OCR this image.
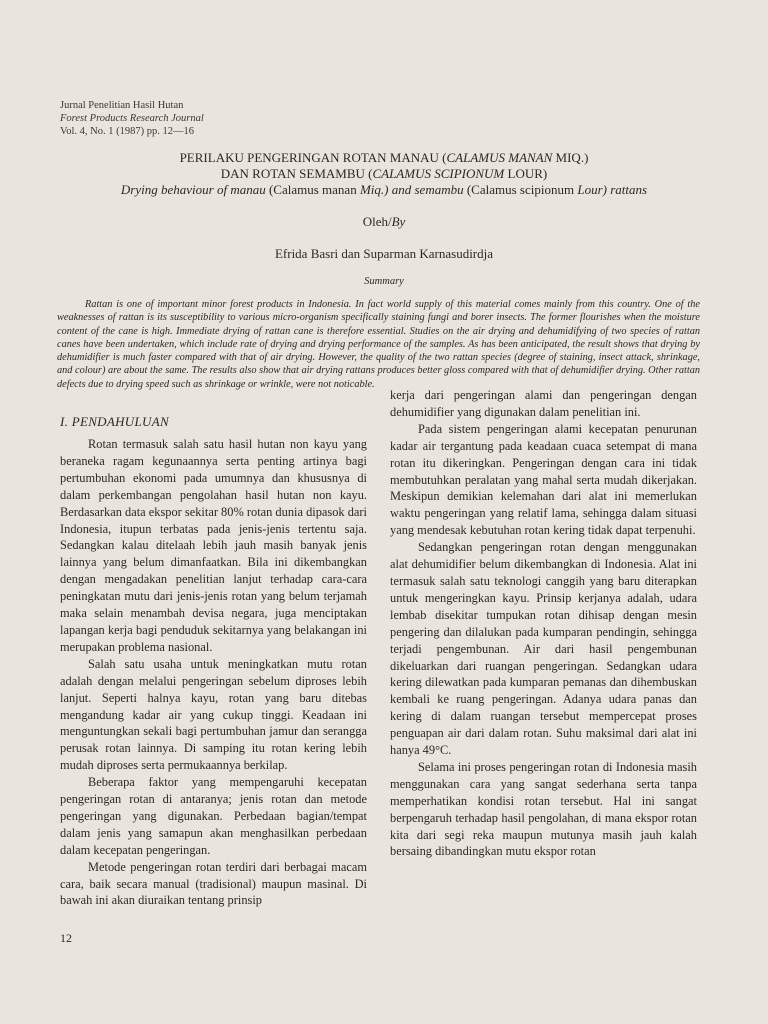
Jurnal Penelitian Hasil Hutan
Forest Products Research Journal
Vol. 4, No. 1 (1987) pp. 12—16
PERILAKU PENGERINGAN ROTAN MANAU (CALAMUS MANAN MIQ.)
DAN ROTAN SEMAMBU (CALAMUS SCIPIONUM LOUR)
Drying behaviour of manau (Calamus manan Miq.) and semambu (Calamus scipionum Lour) rattans
Oleh/By
Efrida Basri dan Suparman Karnasudirdja
Summary

Rattan is one of important minor forest products in Indonesia. In fact world supply of this material comes mainly from this country. One of the weaknesses of rattan is its susceptibility to various micro-organism specifically staining fungi and borer insects. The former flourishes when the moisture content of the cane is high. Immediate drying of rattan cane is therefore essential. Studies on the air drying and dehumidifying of two species of rattan canes have been undertaken, which include rate of drying and drying performance of the samples. As has been anticipated, the result shows that drying by dehumidifier is much faster compared with that of air drying. However, the quality of the two rattan species (degree of staining, insect attack, shrinkage, and colour) are about the same. The results also show that air drying rattans produces better gloss compared with that of dehumidifier drying. Other rattan defects due to drying speed such as shrinkage or wrinkle, were not noticable.

I. PENDAHULUAN

Rotan termasuk salah satu hasil hutan non kayu yang beraneka ragam kegunaannya serta penting artinya bagi pertumbuhan ekonomi pada umumnya dan khususnya di dalam perkembangan pengolahan hasil hutan non kayu. Berdasarkan data ekspor sekitar 80% rotan dunia dipasok dari Indonesia, itupun terbatas pada jenis-jenis tertentu saja. Sedangkan kalau ditelaah lebih jauh masih banyak jenis lainnya yang belum dimanfaatkan. Bila ini dikembangkan dengan mengadakan penelitian lanjut terhadap cara-cara peningkatan mutu dari jenis-jenis rotan yang belum terjamah maka selain menambah devisa negara, juga menciptakan lapangan kerja bagi penduduk sekitarnya yang belakangan ini merupakan problema nasional.

Salah satu usaha untuk meningkatkan mutu rotan adalah dengan melalui pengeringan sebelum diproses lebih lanjut. Seperti halnya kayu, rotan yang baru ditebas mengandung kadar air yang cukup tinggi. Keadaan ini menguntungkan sekali bagi pertumbuhan jamur dan serangga perusak rotan lainnya. Di samping itu rotan kering lebih mudah diproses serta permukaannya berkilap.

Beberapa faktor yang mempengaruhi kecepatan pengeringan rotan di antaranya; jenis rotan dan metode pengeringan yang digunakan. Perbedaan bagian/tempat dalam jenis yang samapun akan menghasilkan perbedaan dalam kecepatan pengeringan.

Metode pengeringan rotan terdiri dari berbagai macam cara, baik secara manual (tradisional) maupun masinal. Di bawah ini akan diuraikan tentang prinsip

kerja dari pengeringan alami dan pengeringan dengan dehumidifier yang digunakan dalam penelitian ini.

Pada sistem pengeringan alami kecepatan penurunan kadar air tergantung pada keadaan cuaca setempat di mana rotan itu dikeringkan. Pengeringan dengan cara ini tidak membutuhkan peralatan yang mahal serta mudah dikerjakan. Meskipun demikian kelemahan dari alat ini memerlukan waktu pengeringan yang relatif lama, sehingga dalam situasi yang mendesak kebutuhan rotan kering tidak dapat terpenuhi.

Sedangkan pengeringan rotan dengan menggunakan alat dehumidifier belum dikembangkan di Indonesia. Alat ini termasuk salah satu teknologi canggih yang baru diterapkan untuk mengeringkan kayu. Prinsip kerjanya adalah, udara lembab disekitar tumpukan rotan dihisap dengan mesin pengering dan dilalukan pada kumparan pendingin, sehingga terjadi pengembunan. Air dari hasil pengembunan dikeluarkan dari ruangan pengeringan. Sedangkan udara kering dilewatkan pada kumparan pemanas dan dihembuskan kembali ke ruang pengeringan. Adanya udara panas dan kering di dalam ruangan tersebut mempercepat proses penguapan air dari dalam rotan. Suhu maksimal dari alat ini hanya 49°C.

Selama ini proses pengeringan rotan di Indonesia masih menggunakan cara yang sangat sederhana serta tanpa memperhatikan kondisi rotan tersebut. Hal ini sangat berpengaruh terhadap hasil pengolahan, di mana ekspor rotan kita dari segi reka maupun mutunya masih jauh kalah bersaing dibandingkan mutu ekspor rotan

12
